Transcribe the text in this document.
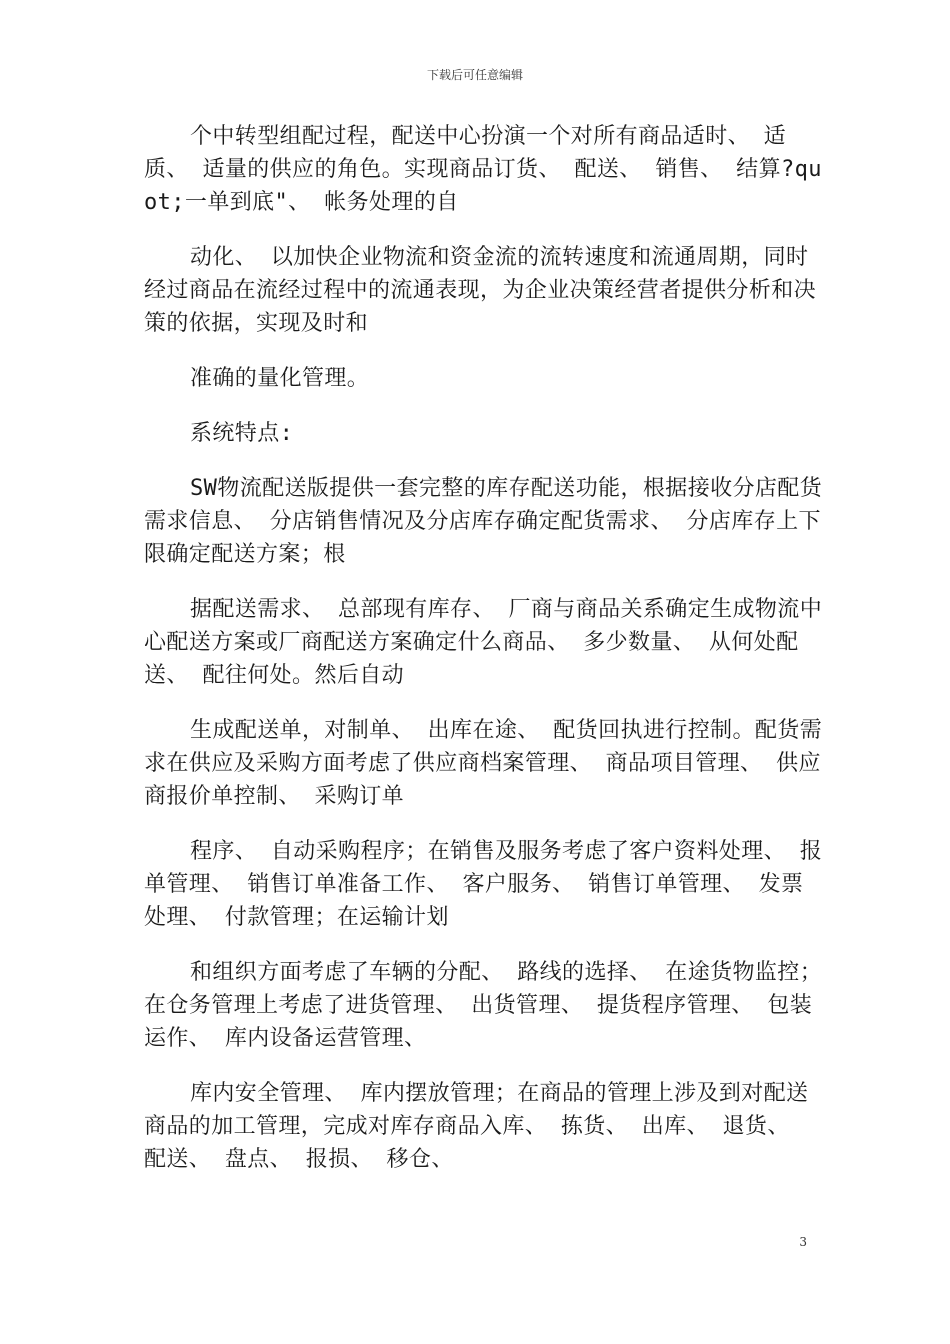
下载后可任意编辑

个中转型组配过程，配送中心扮演一个对所有商品适时、 适质、 适量的供应的角色。实现商品订货、 配送、 销售、 结算?quot;一单到底"、 帐务处理的自

动化、 以加快企业物流和资金流的流转速度和流通周期，同时经过商品在流经过程中的流通表现，为企业决策经营者提供分析和决策的依据，实现及时和

准确的量化管理。

系统特点:

SW物流配送版提供一套完整的库存配送功能，根据接收分店配货需求信息、 分店销售情况及分店库存确定配货需求、 分店库存上下限确定配送方案；根

据配送需求、 总部现有库存、 厂商与商品关系确定生成物流中心配送方案或厂商配送方案确定什么商品、 多少数量、 从何处配送、 配往何处。然后自动

生成配送单，对制单、 出库在途、 配货回执进行控制。配货需求在供应及采购方面考虑了供应商档案管理、 商品项目管理、 供应商报价单控制、 采购订单

程序、 自动采购程序；在销售及服务考虑了客户资料处理、 报单管理、 销售订单准备工作、 客户服务、 销售订单管理、 发票处理、 付款管理；在运输计划

和组织方面考虑了车辆的分配、 路线的选择、 在途货物监控；在仓务管理上考虑了进货管理、 出货管理、 提货程序管理、 包装运作、 库内设备运营管理、

库内安全管理、 库内摆放管理；在商品的管理上涉及到对配送商品的加工管理，完成对库存商品入库、 拣货、 出库、 退货、 配送、 盘点、 报损、 移仓、

3
